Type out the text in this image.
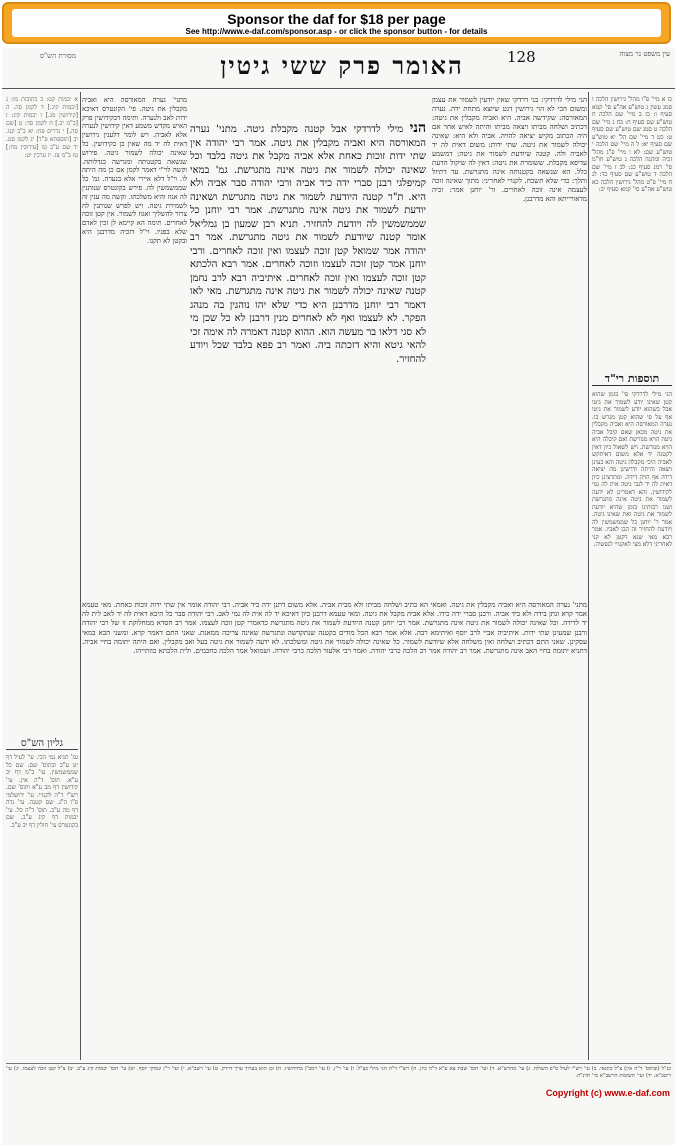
Sponsor the daf for $18 per page
See http://www.e-daf.com/sponsor.asp - or click the sponsor button - for details
מסורת הש"ס	האומר פרק ששי גיטין	128	עין משפט נר מצוה
כו א מיי' פ"ו מהל' גירושין הלכה ו סמג עשין נ טוש"ע אה"ע סי' קמא סעיף ו: כז ב מיי' שם הלכה ח טוש"ע שם סעיף ח: כח ג מיי' שם הלכה ט סמג שם טוש"ע שם סעיף ט: כט ד מיי' שם הל' יא טוש"ע שם סעיף יא: ל ה מיי' שם הלכה י טוש"ע שם: לא ו מיי' פ"ג מהל' זכיה ומתנה הלכה ג טוש"ע חו"מ סי' רמג סעיף כג: לב ז מיי' שם הלכה ד טוש"ע שם סעיף כד: לג ח מיי' פ"ט מהל' גירושין הלכה כא טוש"ע אה"ע סי' קמא סעיף יב:
תוספות רי"ד
הני מילי לדרדקי פי' בזמן שהוא קטן שאינו יודע לשמור את גיטו אבל כשהוא יודע לשמור את גיטו אף על פי שהוא קטן מגרש בו. נערה המאורסה היא ואביה מקבלין את גיטה מכאן שאם קיבל אביה גיטה הויא מגורשת ואם קיבלה היא הויא מגורשת. ויש לשאול כיון דאין לקטנה יד אלא משום דאיתקש לאביה היכי מקבלה גיטה והא בעינן ויצאה והיתה ודרשינן מה יציאה דידה אף הויה דידה. ומתרצינן כיון דאית לה יד לגבי גיטה אית לה נמי לקידושין. והא דאמרינן לא ידעה לשמור את גיטה אינה מתגרשת ושנו רבותינו בזמן שהיא יודעת לשמור את גיטה ואת שאינו גיטה. אמר ר' יוחנן כל שממשמשין לה ויודעת להחזיר זה הבן לאביו. אמר רבא מאי שנא דקטן לא קני לאחריני דלא מצי לאקנויי לנפשיה.
הני מילי לדרדקי: בני דרדקי שאין יודעין לשמור את עצמן ומשום הכי לא הוי גירושין דגט שיוצא מתחת ידה. נערה המאורסה: שקידשה אביה. היא ואביה מקבלין את גיטה: דכתיב ושלחה מביתו ויצאה מביתו והיתה לאיש אחר אם היה הכתוב מקיש יציאה להויה. אביה ולא היא: שאינה יכולה לשמור את גיטה. שתי ידות: משום דאית לה יד לאביה ולה. קטנה שיודעת לשמור את גיטה: דמשמע עדיפא מקבלת. ששומרת את גיטה: דאין לה שיקול הדעת כלל. הא שנשאה בקטנותה אינה מתגרשת. עד דתיזל ותלך: כדי שלא תשכח. לקנויי לאחריני: מתוך שאינה זוכה לעצמה אינה זוכה לאחרים. ור' יוחנן אמר: זכיה מדאורייתא והא מדרבנן.
הני מילי לדרדקי אבל קטנה מקבלת גיטה. מתני' נערה המאורסה היא ואביה מקבלין את גיטה. אמר רבי יהודה אין שתי ידות זוכות כאחת אלא אביה מקבל את גיטה בלבד וכל שאינה יכולה לשמור את גיטה אינה מתגרשת. גמ' במאי קמיפלגי רבנן סברי ידה כיד אביה ורבי יהודה סבר אביה ולא היא. ת"ר קטנה היודעת לשמור את גיטה מתגרשת ושאינה יודעת לשמור את גיטה אינה מתגרשת. אמר רבי יוחנן כל שממשמשין לה ויודעת להחזיר. תניא רבן שמעון בן גמליאל אומר קטנה שיודעת לשמור את גיטה מתגרשת. אמר רב יהודה אמר שמואל קטן זוכה לעצמו ואין זוכה לאחרים. ורבי יוחנן אמר קטן זוכה לעצמו וזוכה לאחרים. אמר רבא הלכתא קטן זוכה לעצמו ואין זוכה לאחרים. איתיביה רבא לרב נחמן קטנה שאינה יכולה לשמור את גיטה אינה מתגרשת. מאי לאו דאמר רבי יוחנן מדרבנן היא כדי שלא יהו נוהגין בה מנהג הפקר. לא לעצמו ואף לא לאחרים מנין דרבנן לא כל שכן מי לא סגי דלאו בר מעשה הוא. ההוא קטנה דאמרה לה אימה זכי להאי גיטא והיא דזכתה ביה. ואמר רב פפא בלבד שכל ויודע להחזיר.
מתני' נערה המאורסה היא ואביה מקבלין את גיטה. פי' הקונטרס דאיכא ידות לאב ולנערה. ותימה דבקידושין פרק האיש מקדש משמע דאין קידושין לנערה אלא לאביה. ויש לומר דלענין גירושין דאית לה יד מה שאין כן בקידושין. כל שאינה יכולה לשמור גיטה. פירוש שנשאה בקטנותה ומגרשה בגדלותה. וקשה לר"י דאמר לקמן אם כן מה היתה לו. וי"ל דלא איירי אלא בנערה. גמ' כל שממשמשין לה. פירש בקונטרס שנותנין לה אגוז והיא משלכתו. וקשה מה ענין זה לשמירת גיטה. ויש לפרש שנותנין לה צרור להשליך ואגוז לשמור. אין קטן זוכה לאחרים. תימה הא קיימא לן זכין לאדם שלא בפניו. וי"ל דזכיה מדרבנן היא ובקטן לא תקנו.
א יבמות קט: ב כתובות מו: ג [יבמות קיג.] ד לקמן סה. ה [קידושין מג.] ו יבמות קיג: ז [ב"מ יב.] ח לקמן סד: ט [שם סה.] י נדרים פח: יא ב"ב קנו. יב [תוספתא פ"ד] יג לקמן סט. יד שם ע"ב טו [עירובין מח:] טז ב"מ צז. יז ערכין יט:
גליון הש"ס
גמ' תניא נמי הכי. עי' לעיל דף יט ע"ב ובתוס' שם. שם כל שממשמשין. עי' ב"מ דף יב ע"א. תוס' ד"ה אין. עי' קידושין דף מב ע"א ותוס' שם. רש"י ד"ה לקנויי. עי' ירושלמי פ"ו ה"ג. שם קטנה. עי' נדה דף מה ע"ב. תוס' ד"ה כל. עי' יבמות דף קיג ע"ב. שם בקונטרס עי' חולין דף יב ע"ב.
מתני' נערה המאורסה היא ואביה מקבלין את גיטה. ואמאי הא כתיב ושלחה מביתו ולא מבית אביה. אלא משום דתנן ידה כיד אביה. רבי יהודה אומר אין שתי ידות זוכות כאחת. מאי טעמא אמר קרא ונתן בידה ולא ביד אביה. ורבנן סברי ידה כידו. אלא אביה מקבל את גיטה. ומאי טעמא דרבנן כיון דאיכא יד לה אית לה נמי לאב. רבי יהודה סבר כל היכא דאית לה יד לאב לית לה יד לדידה. וכל שאינה יכולה לשמור את גיטה אינה מתגרשת. אמר רבי יוחנן קטנה היודעת לשמור את גיטה מתגרשת כדאמרי קטן זוכה לעצמו. אמר רב חסדא ממחלוקת זו של רבי יהודה ורבנן שמעינן שתי ידות. איתיביה אביי לרב יוסף ואיתימא רבה. אלא אמר רבא הכל מודים בקטנה שנתקדשה ונתגרשה שאינה צריכה ממאנת. שאני התם דאמר קרא. ומשני הכא במאי עסקינן. שאני התם דכתיב ושלחה ואין משלחה אלא שיודעת לשמור. כל שאינה יכולה לשמור את גיטה ומשלכתו. לא ידעה לשמור את גיטה בעל ואב מקבלין. ואם היתה יתומה בחיי אביה. דתניא יתומה בחיי האב אינה מתגרשת. אמר רב יהודה אמר רב הלכה כרבי יהודה. ואמר רבי אלעזר הלכה כרבי יהודה. ושמואל אמר הלכה כחכמים. ולית הלכתא כוותייהו.
כנ"ל (ובתוס' ד"ה אין) צ"ל כתנאי. ב) עי' רש"י לעיל ס"פ השולח. ג) עי' מהרש"א. ד) ועי' תוס' שבת צא ע"א ד"ה כיון. ה) רש"י ד"ה הני מילי כצ"ל. ו) עי' ר"ן. ז) עי' רמב"ן בחידושיו. ח) וכן הוא בערוך ערך דרדק. ט) עי' רשב"א. י) ועי' ר"ן ונמוקי יוסף. יא) עי' תוס' יבמות קיג ע"ב. יב) צ"ל קטן זוכה לעצמו. יג) עי' ריטב"א. יד) ועי' תשובות הרשב"א סי' תרנ"ה.
Copyright (c) www.e-daf.com
